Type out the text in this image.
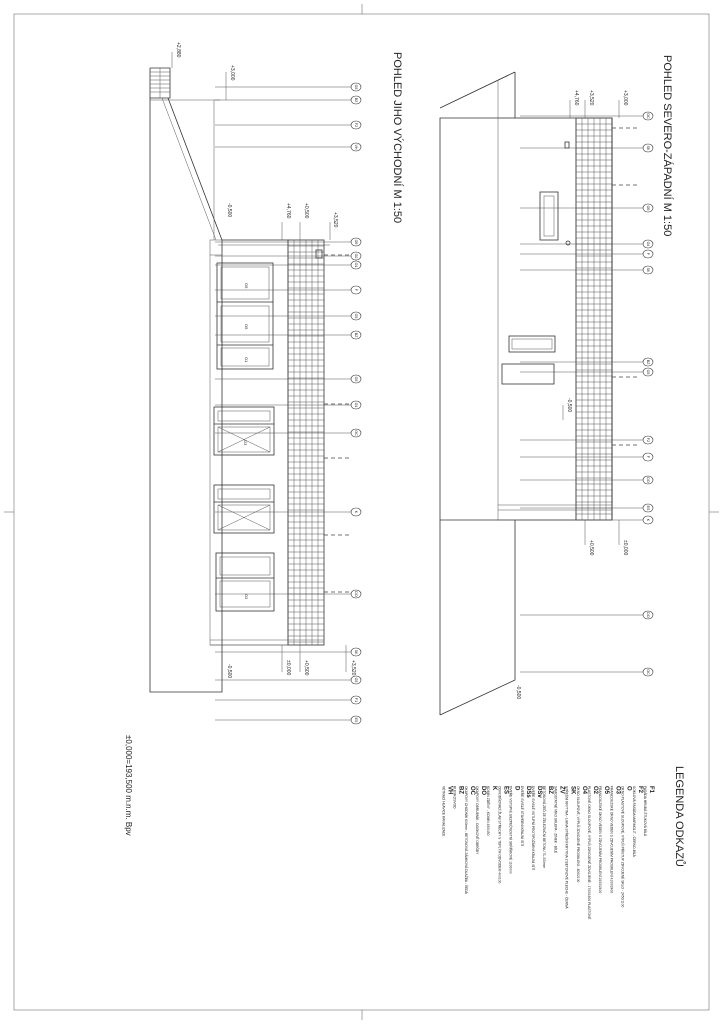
POHLED SEVERO-ZÁPADNÍ M 1:50
+4,760 +3,520	+3,000
-0,500
+0,500	±0,000
-0,500
OC
SK
O5
O4
F
SK
BZ
O3
F2
F
DO
ES
K
DO
OC
POHLED JIHO VÝCHODNÍ M 1:50
O5
O5
O1
O3
O2
+2,880
+3,000
-0,500	+4,760 +0,500
+3,520
±0,000 +0,500
-0,500	+3,520
O3
BZ
F2
VH
O5
O2
O1
F
O3
BZ
O3
O1
OC
K
DO
SK
O3
F1
ES
±0,000=193,500 m.n.m. Bpv	LEGENDA ODKAZŮ
F1
FASÁDA HRUBÁ ŠTUKOVÁ BÍLÁ
F2
SOKLOVÁ FASÁDA MARMOLIT - ČERNO-BÍLÁ
O
OKNO PLASTOVÉ SLOUPOVÉ, VÝPLŇ PŘÍSTUP ZDVOJENÉ SKLO - 2450/1100
O3
FRANCOUZSKÉ OKNO VEDEN S ZDVOJENÍM PROSKLENÍ 4100/2400
O5
FRANCOUZSKÉ OKNO VEDEN S ZDVOJENÍM PROSKLENÍ 2400/2400
O2
PLASTOVÉ OKNO SLOUPOVÉ, VÝPLŇ ZDVOJENÉ ZDVOJENÉ - 1700/1600 PLASTOVÉ
O4
OKNO SLOUPOVÉ, VÝPLŇ ZDVOJENÉ PROSKLENÍ - 800/2100
SK
STŘEŠNÍ KRYTINA - LIANA STŘEŠNÍ KRYTINA Z BETONOVÉ PLECHU - ČERNÁ
ŽV
SAMOSTATNÉ VÍKO SKLEPA - ZINEK - BÍLÉ
BZ
BETONOVÁ ZEĎ ZE ŽELEZNIČNÍ BETONU TL.300mm
DSv
DVEŘE SVISLÉ VSTUPNÍ PROTIPOŽÁRNÍ KRAJNÍ SÍTÍ
DSs
DVEŘE SVISLÉ STAVEBNÍ KRAJNÍ SÍTÍ
D
DVEŘE VSTUPNÍ, BEZPEČNOSTNÍ SKŘÍŇKOVÉ 1100mm
ES
ODVODŇOVACÍ ŽLAB STŘECHY S TEPLÝM ODVODEM 4m/100
K
KOMÍN ZDĚNÝ - KOMÍN 450/450
DO
OKAPOVÝ OBRUBNÍK - DOSKOVÉ OBRŮBY
OC
OKAPOVÝ CHODNÍK 600mm - BETONOVÁ ZÁMKOVÁ DLAŽBA - ŠEDÁ
BZ
BLESKOSVOD
VH
VĚTRACÍ HLAVICE KANALIZACE
